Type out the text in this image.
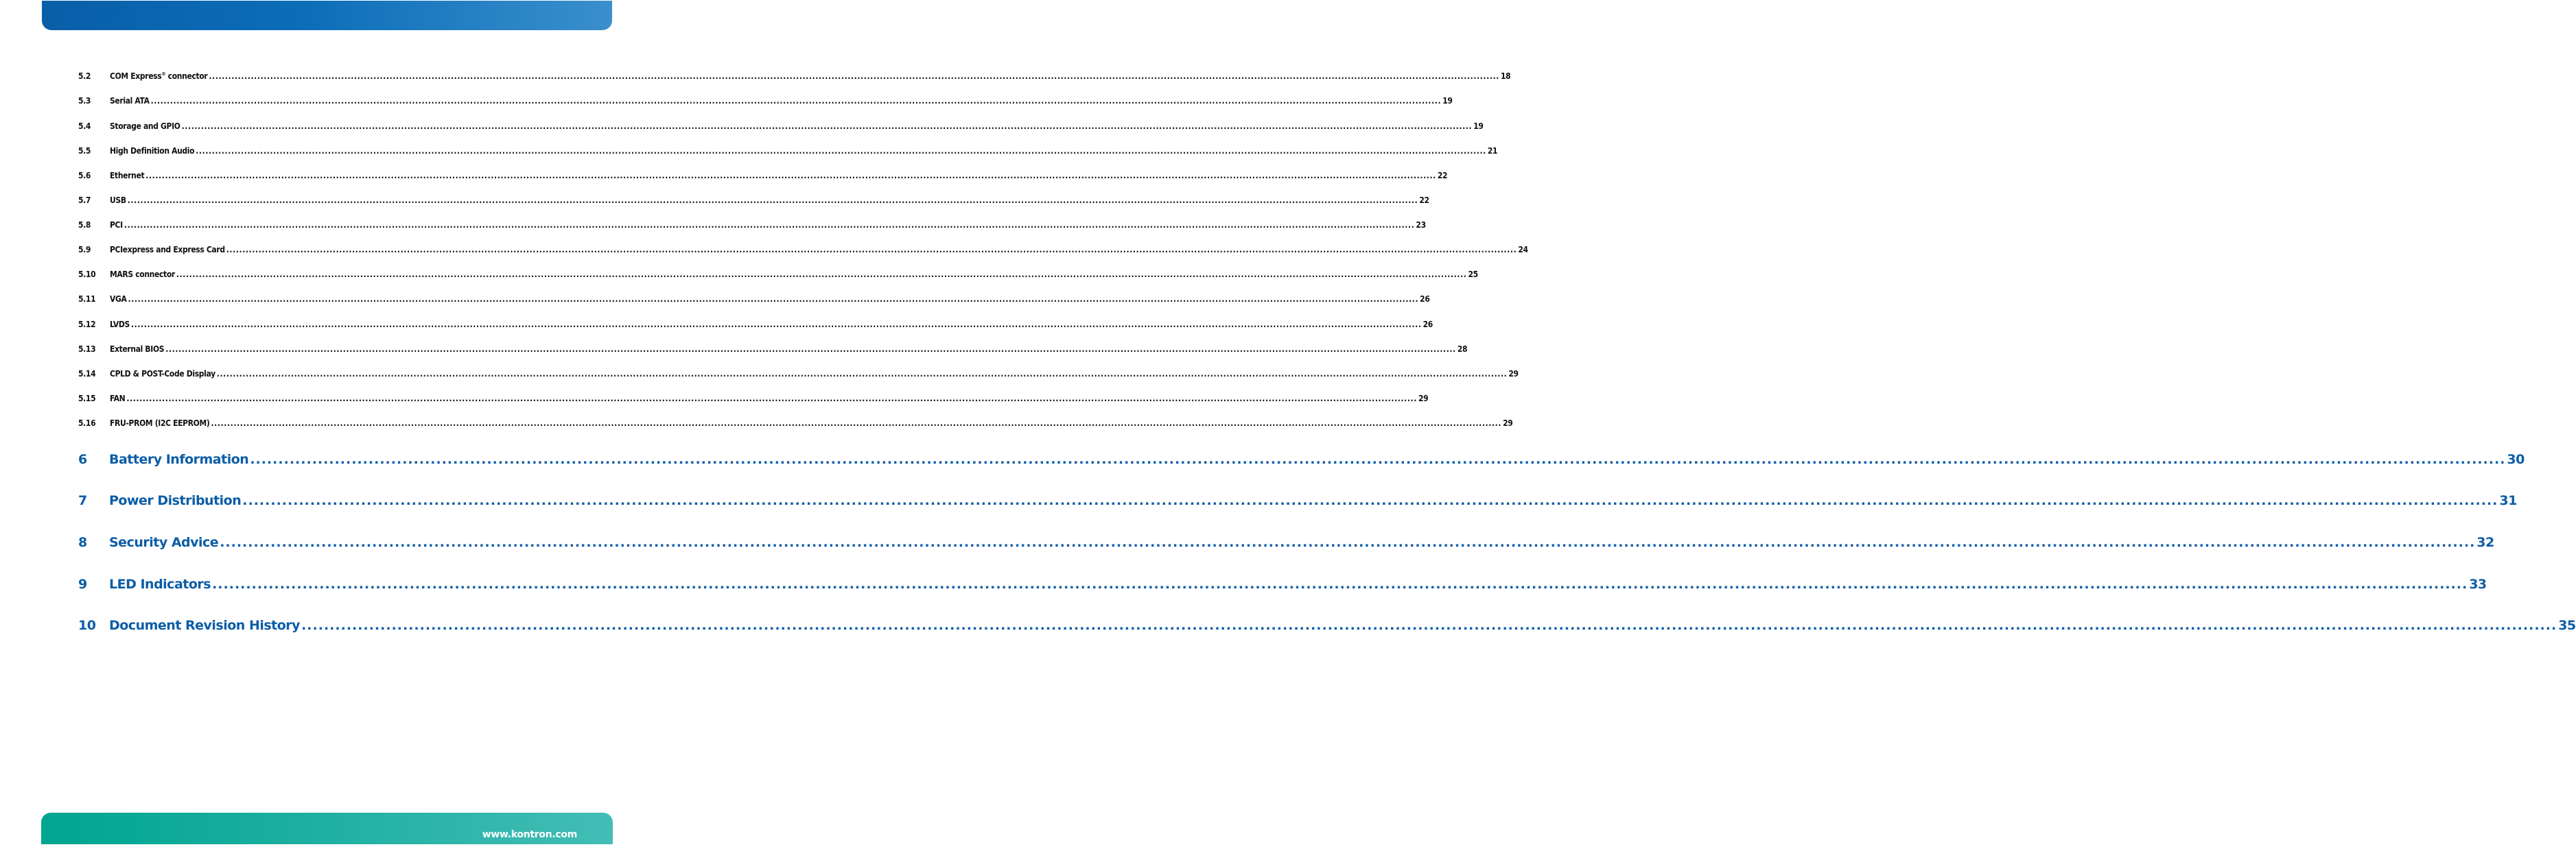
5.2	COM Express® connector ................................................................................................................................................................................................................................................................................................................................................................................................................ 18
5.3	Serial ATA ................................................................................................................................................................................................................................................................................................................................................................................................................ 19
5.4	Storage and GPIO ................................................................................................................................................................................................................................................................................................................................................................................................................ 19
5.5	High Definition Audio ................................................................................................................................................................................................................................................................................................................................................................................................................ 21
5.6	Ethernet ................................................................................................................................................................................................................................................................................................................................................................................................................ 22
5.7	USB ................................................................................................................................................................................................................................................................................................................................................................................................................ 22
5.8	PCI ................................................................................................................................................................................................................................................................................................................................................................................................................ 23
5.9	PCIexpress and Express Card ................................................................................................................................................................................................................................................................................................................................................................................................................ 24
5.10	MARS connector ................................................................................................................................................................................................................................................................................................................................................................................................................ 25
5.11	VGA ................................................................................................................................................................................................................................................................................................................................................................................................................ 26
5.12	LVDS ................................................................................................................................................................................................................................................................................................................................................................................................................ 26
5.13	External BIOS ................................................................................................................................................................................................................................................................................................................................................................................................................ 28
5.14	CPLD & POST-Code Display ................................................................................................................................................................................................................................................................................................................................................................................................................ 29
5.15	FAN ................................................................................................................................................................................................................................................................................................................................................................................................................ 29
5.16	FRU-PROM (I2C EEPROM) ................................................................................................................................................................................................................................................................................................................................................................................................................ 29
6	Battery Information ................................................................................................................................................................................................................................................................................................................................................................................................................ 30
7	Power Distribution ................................................................................................................................................................................................................................................................................................................................................................................................................ 31
8	Security Advice ................................................................................................................................................................................................................................................................................................................................................................................................................ 32
9	LED Indicators ................................................................................................................................................................................................................................................................................................................................................................................................................ 33
10	Document Revision History ................................................................................................................................................................................................................................................................................................................................................................................................................ 35
www.kontron.com
